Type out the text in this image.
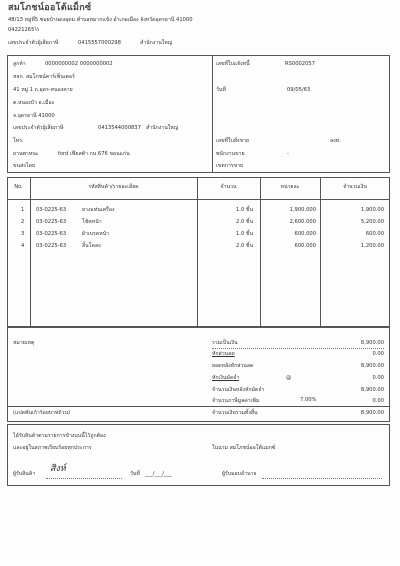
สมโภชน์ออโต้แม็กซ์
48/13 หมู่ที่5 ซอยบ้านดงอุดม ตำบลหมากแข้ง อำเภอเมือง จังหวัดอุดรธานี 41000
04221265½
เลขประจำตัวผู้เสียภาษี	0415557000298	สำนักงานใหญ่
ลูกค้า	0000000002 0000000002
หจก. สมโภชน์คาร์เซ็นเตอร์
41 หมู่ 1 ถ.อุดร-หนองคาย
ต.หนองบัว อ.เมือง
จ.อุดรธานี 41000
เลขประจำตัวผู้เสียภาษี	0413544000837 สำนักงานใหญ่
โทร.
ยานพาหนะ	ford เฟียสต้า กน 676 ขอนแก่น
ขนส่งโดย
เลขที่ใบแจ้งหนี้	RS0002057
วันที่	09/05/63
เลขที่ใบสั่งขาย	ลงท.
พนักงานขาย	-
เขตการขาย
No.	รหัสสินค้า/รายละเอียด	จำนวน	หน่วยละ	จำนวนเงิน
1 03-0225-63	ยางแท่นเครื่อง	1.0 ชิ้น	1,900.000	1,900.00
2 03-0225-63	โช้คหน้า	2.0 ชิ้น	2,600.000	5,200.00
3 03-0225-63	ผ้าเบรคหน้า	1.0 ชิ้น	600.000	600.00
4 03-0225-63	ลิ้นโคลง	2.0 ชิ้น	600.000	1,200.00
หมายเหตุ	รวมเป็นเงิน	8,900.00
หักส่วนลด	0.00
ยอดหลังหักส่วนลด	8,900.00
หักเงินมัดจำ	@	0.00
จำนวนเงินหลังหักมัดจำ	8,900.00
จำนวนภาษีมูลค่าเพิ่ม	7.00%	0.00
(แปดพันเก้าร้อยบาทถ้วน)	จำนวนเงินรวมทั้งสิ้น	8,900.00
ได้รับสินค้าตามรายการข้างบนนี้ไว้ถูกต้อง
และอยู่ในสภาพเรียบร้อยทุกประการ	ในนาม สมโภชน์ออโต้แมกซ์
ผู้รับสินค้า สิงห์	วันที่ ___/___/___	ผู้รับมอบอำนาจ
